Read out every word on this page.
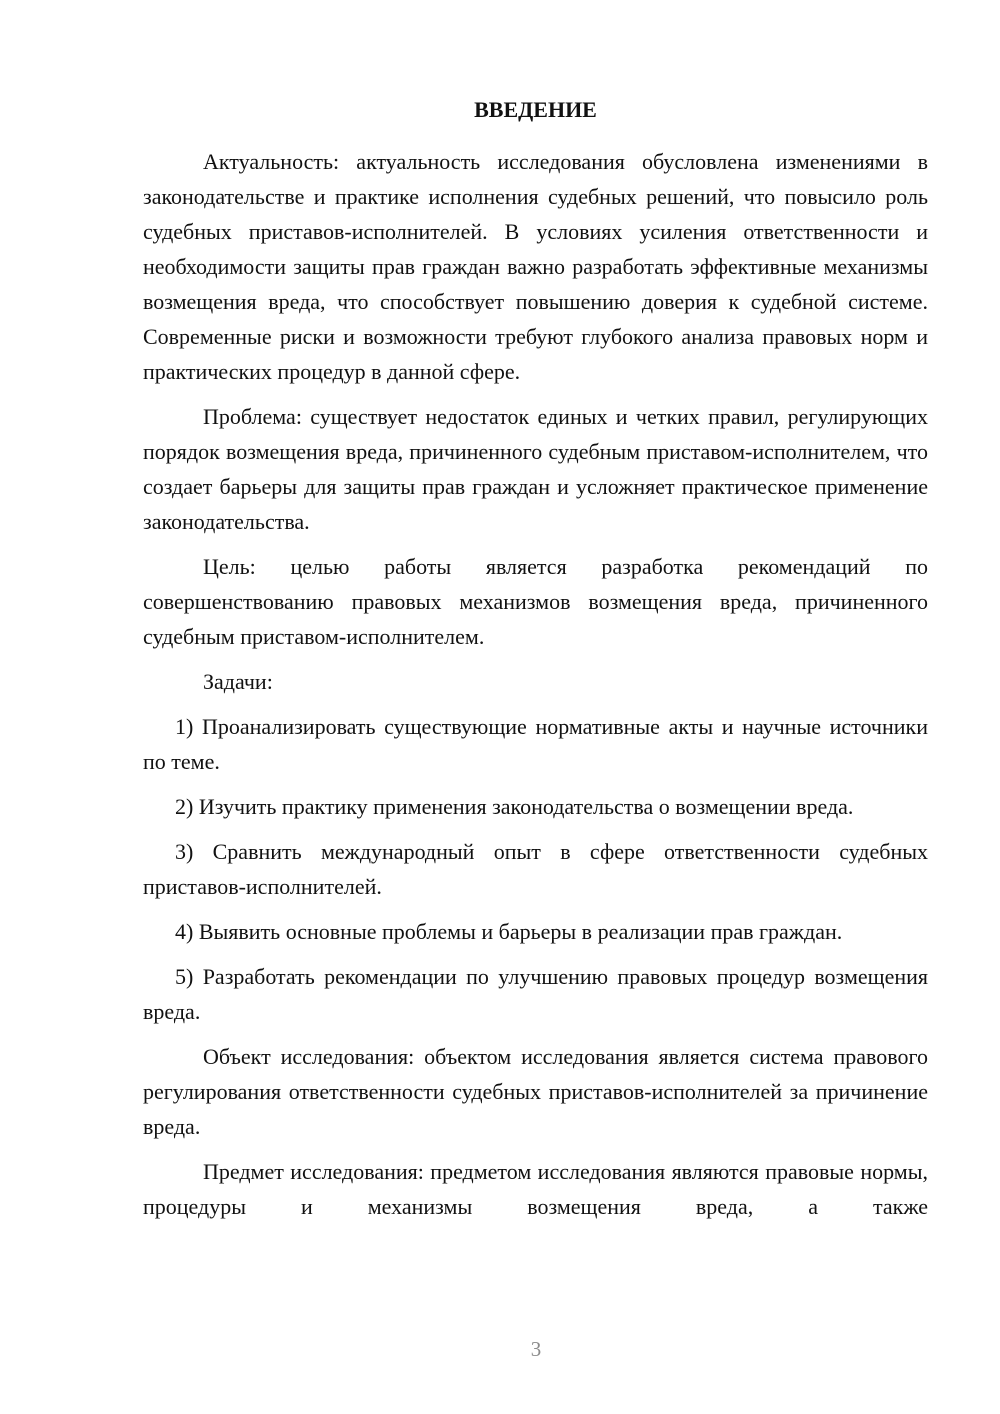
ВВЕДЕНИЕ

Актуальность: актуальность исследования обусловлена изменениями в законодательстве и практике исполнения судебных решений, что повысило роль судебных приставов-исполнителей. В условиях усиления ответственности и необходимости защиты прав граждан важно разработать эффективные механизмы возмещения вреда, что способствует повышению доверия к судебной системе. Современные риски и возможности требуют глубокого анализа правовых норм и практических процедур в данной сфере.

Проблема: существует недостаток единых и четких правил, регулирующих порядок возмещения вреда, причиненного судебным приставом-исполнителем, что создает барьеры для защиты прав граждан и усложняет практическое применение законодательства.

Цель: целью работы является разработка рекомендаций по совершенствованию правовых механизмов возмещения вреда, причиненного судебным приставом-исполнителем.

Задачи:

1) Проанализировать существующие нормативные акты и научные источники по теме.

2) Изучить практику применения законодательства о возмещении вреда.

3) Сравнить международный опыт в сфере ответственности судебных приставов-исполнителей.

4) Выявить основные проблемы и барьеры в реализации прав граждан.

5) Разработать рекомендации по улучшению правовых процедур возмещения вреда.

Объект исследования: объектом исследования является система правового регулирования ответственности судебных приставов-исполнителей за причинение вреда.

Предмет исследования: предметом исследования являются правовые нормы, процедуры и механизмы возмещения вреда, а также

3
